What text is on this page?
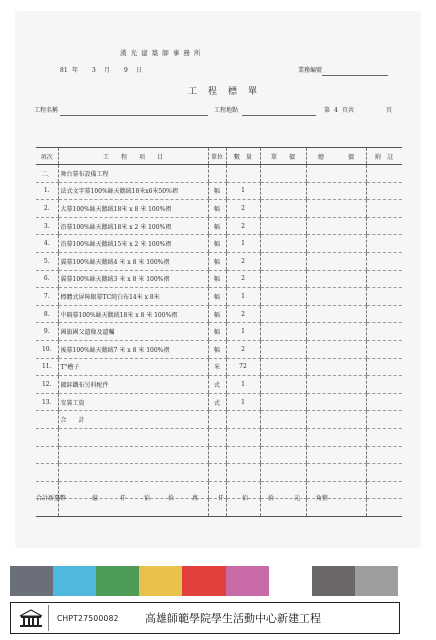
漢 光 建 築 師 事 務 所
81 年 3 月 9 日	業務編號
工　程　標　單
工程名稱	工程地點	第 4 頁共	頁
項次	工　　程　　項　　目	單位	數　量	單　　價	總　　　　價	附　註
二、	舞台幕布設備工程					
1.	法式文字幕100%絲天鵝絨18米x6米50%褶	幅	1			
2.	大幕100%絲天鵝絨18米 x 8 米 100%褶	幅	2			
3.	沿幕100%絲天鵝絨18米 x 2 米 100%褶	幅	2			
4.	沿幕100%絲天鵝絨15米 x 2 米 100%褶	幅	1			
5.	翼幕100%絲天鵝絨4 米 x 8 米 100%褶	幅	2			
6.	翼幕100%絲天鵝絨3 米 x 8 米 100%褶	幅	2			
7.	標體式屏障銀幕TC純白布14米 x 8米	幅	1			
8.	中隔幕100%絲天鵝絨18米 x 8 米 100%褶	幅	2			
9.	國旗國父遺像及遺囑	幅	1			
10.	後幕100%絲天鵝絨7 米 x 8 米 100%褶	幅	2			
11.	T"槽子	米	72			
12.	鍍鋅鐵布另料配件	式	1			
13.	安裝工資	式	1			
	合　　計					

合計新臺幣	億	仟	佰	拾	萬	仟	佰	拾	元	角整
CHPT27500082	高雄師範學院學生活動中心新建工程
